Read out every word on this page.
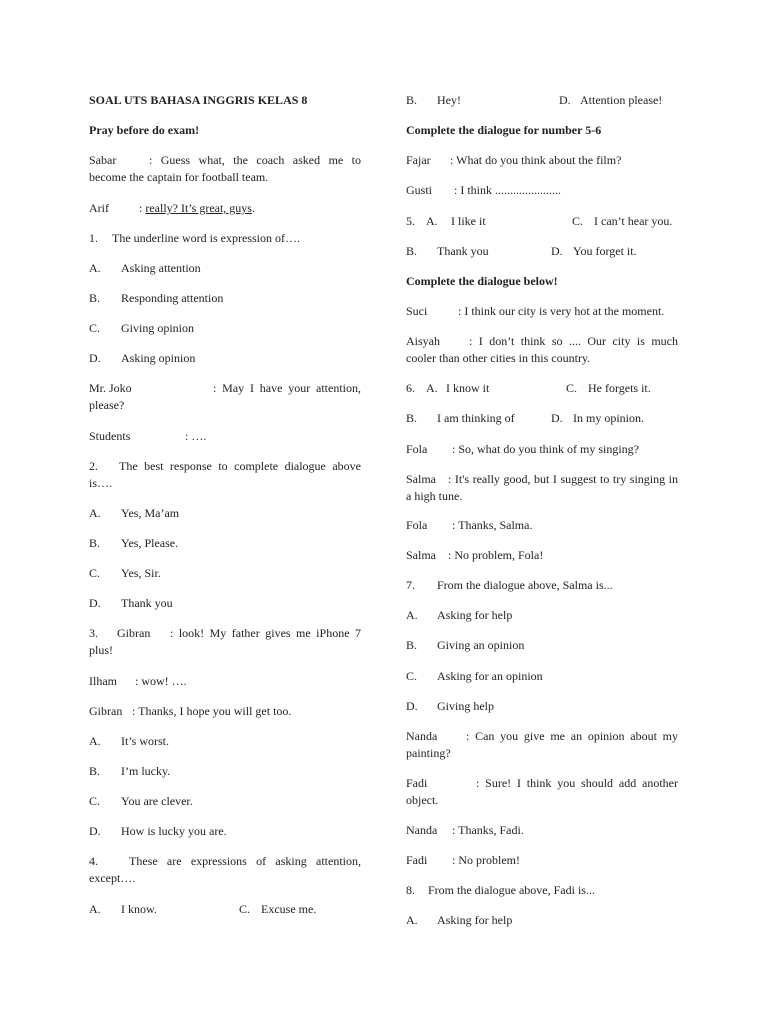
SOAL UTS BAHASA INGGRIS KELAS 8
Pray before do exam!
Sabar	: Guess what, the coach asked me to become the captain for football team.
Arif	: really? It’s great, guys.
1. The underline word is expression of….
A. Asking attention
B. Responding attention
C. Giving opinion
D. Asking opinion
Mr. Joko	: May I have your attention, please?
Students	: ….
2. The best response to complete dialogue above is….
A. Yes, Ma’am
B. Yes, Please.
C. Yes, Sir.
D. Thank you
3. Gibran : look! My father gives me iPhone 7 plus!
Ilham : wow! ….
Gibran : Thanks, I hope you will get too.
A. It’s worst.
B. I’m lucky.
C. You are clever.
D. How is lucky you are.
4.	These are expressions of asking attention, except….
A. I know.	C. Excuse me.
B. Hey!	D. Attention please!
Complete the dialogue for number 5-6
Fajar : What do you think about the film?
Gusti : I think ......................
5. A. I like it	C. I can’t hear you.
B. Thank you	D. You forget it.
Complete the dialogue below!
Suci	: I think our city is very hot at the moment.
Aisyah : I don’t think so .... Our city is much cooler than other cities in this country.
6. A. I know it	C. He forgets it.
B. I am thinking of	D. In my opinion.
Fola : So, what do you think of my singing?
Salma : It's really good, but I suggest to try singing in a high tune.
Fola : Thanks, Salma.
Salma : No problem, Fola!
7. From the dialogue above, Salma is...
A. Asking for help
B. Giving an opinion
C. Asking for an opinion
D. Giving help
Nanda : Can you give me an opinion about my painting?
Fadi	: Sure! I think you should add another object.
Nanda : Thanks, Fadi.
Fadi : No problem!
8. From the dialogue above, Fadi is...
A. Asking for help
